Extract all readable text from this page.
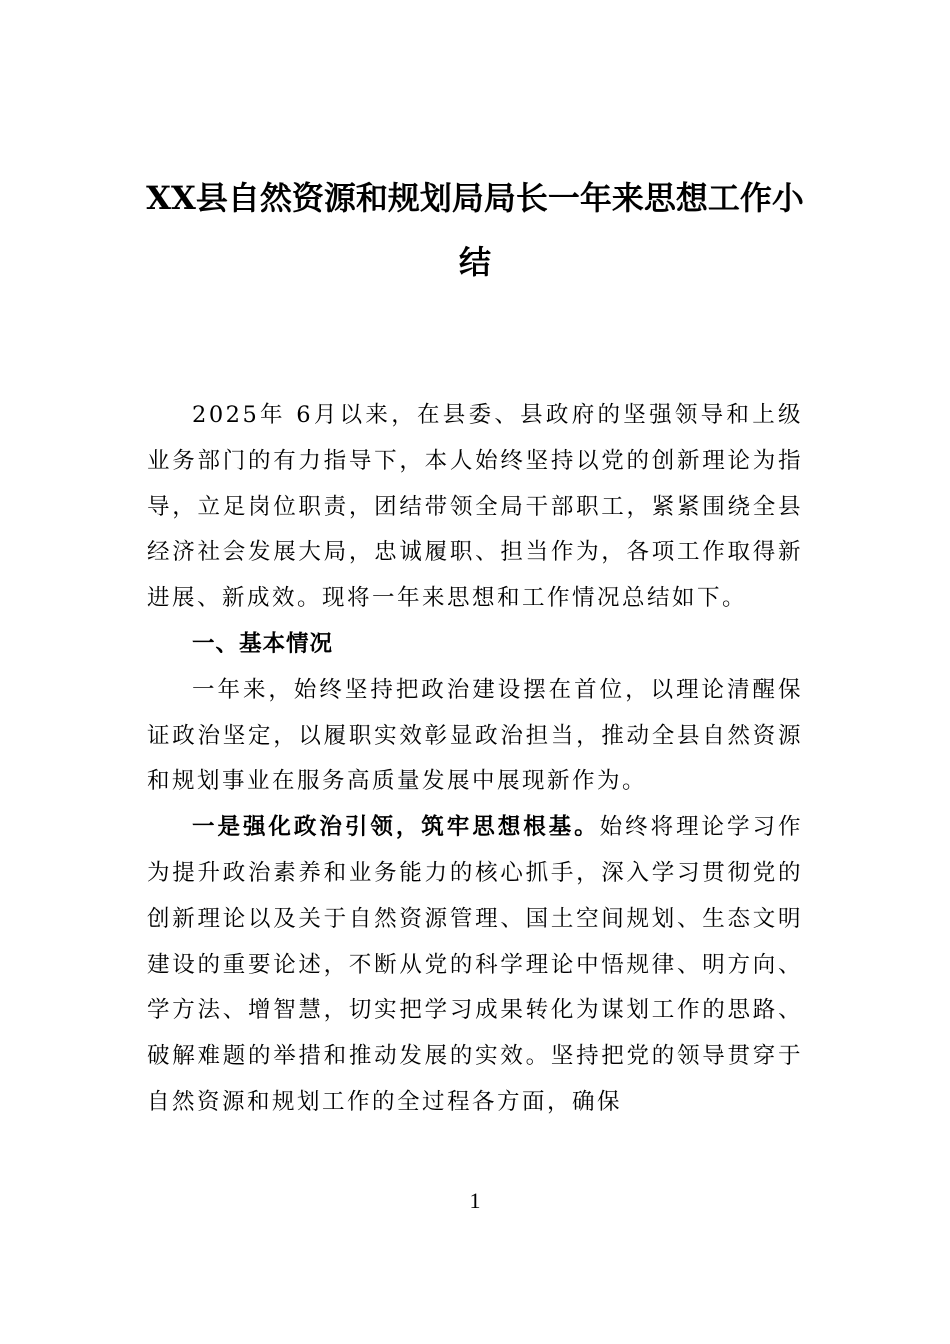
XX县自然资源和规划局局长一年来思想工作小结

2025年 6月以来，在县委、县政府的坚强领导和上级业务部门的有力指导下，本人始终坚持以党的创新理论为指导，立足岗位职责，团结带领全局干部职工，紧紧围绕全县经济社会发展大局，忠诚履职、担当作为，各项工作取得新进展、新成效。现将一年来思想和工作情况总结如下。

一、基本情况

一年来，始终坚持把政治建设摆在首位，以理论清醒保证政治坚定，以履职实效彰显政治担当，推动全县自然资源和规划事业在服务高质量发展中展现新作为。

一是强化政治引领，筑牢思想根基。始终将理论学习作为提升政治素养和业务能力的核心抓手，深入学习贯彻党的创新理论以及关于自然资源管理、国土空间规划、生态文明建设的重要论述，不断从党的科学理论中悟规律、明方向、学方法、增智慧，切实把学习成果转化为谋划工作的思路、破解难题的举措和推动发展的实效。坚持把党的领导贯穿于自然资源和规划工作的全过程各方面，确保

1
